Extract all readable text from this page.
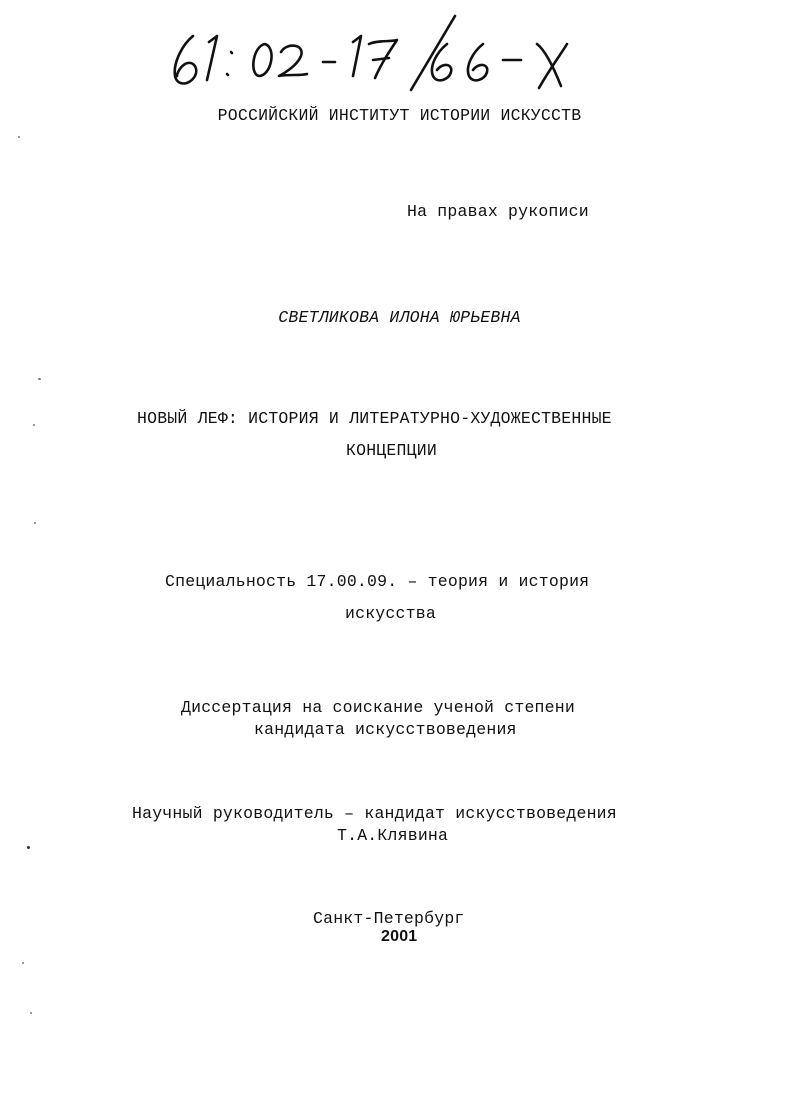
РОССИЙСКИЙ ИНСТИТУТ ИСТОРИИ ИСКУССТВ
На правах рукописи
СВЕТЛИКОВА ИЛОНА ЮРЬЕВНА
НОВЫЙ ЛЕФ: ИСТОРИЯ И ЛИТЕРАТУРНО-ХУДОЖЕСТВЕННЫЕ
КОНЦЕПЦИИ
Специальность 17.00.09. – теория и история
искусства
Диссертация на соискание ученой степени
кандидата искусствоведения
Научный руководитель – кандидат искусствоведения
Т.А.Клявина
Санкт-Петербург
2001
